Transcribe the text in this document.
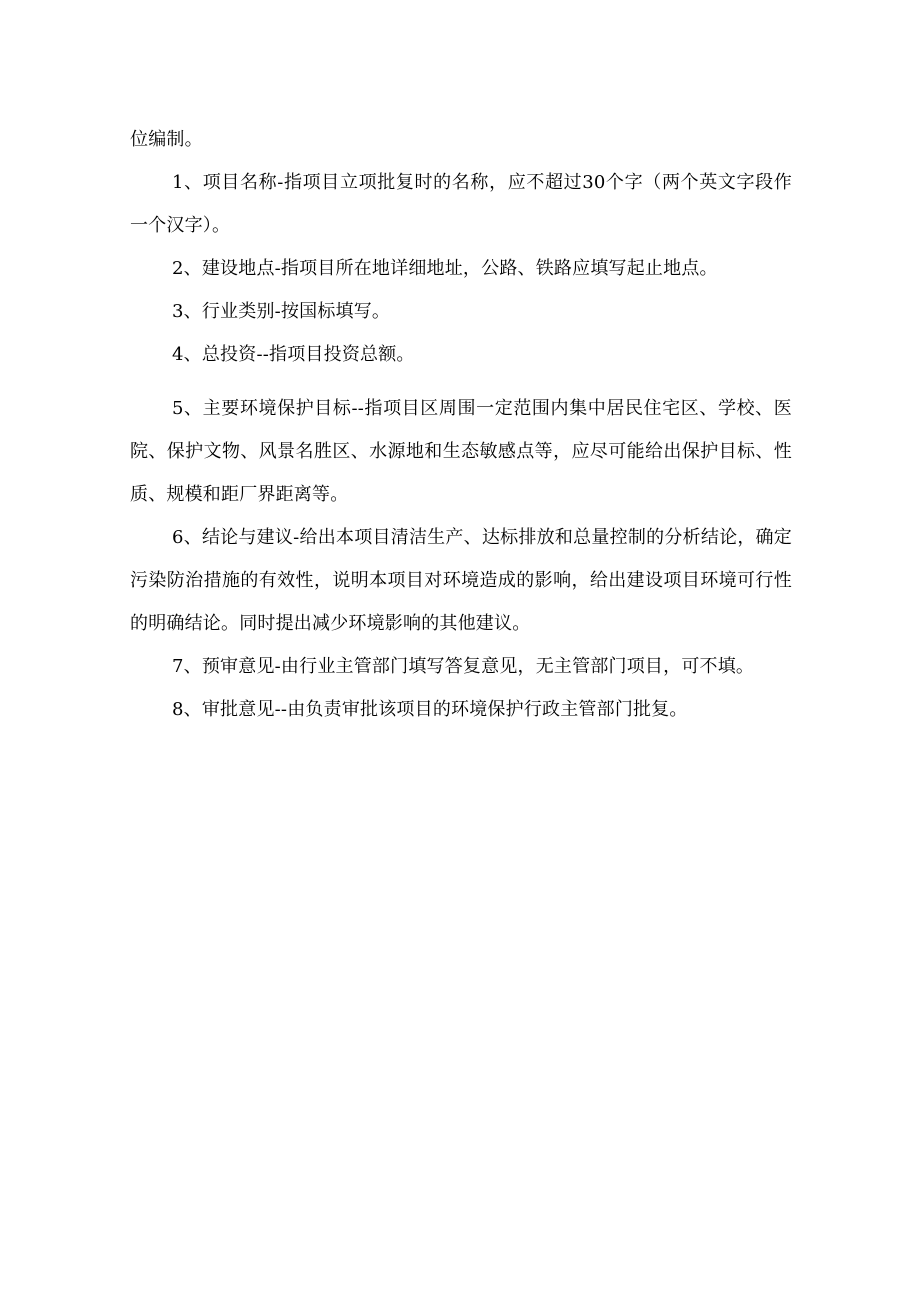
位编制。

1、项目名称-指项目立项批复时的名称，应不超过30个字（两个英文字段作一个汉字）。

2、建设地点-指项目所在地详细地址，公路、铁路应填写起止地点。

3、行业类别-按国标填写。

4、总投资--指项目投资总额。

5、主要环境保护目标--指项目区周围一定范围内集中居民住宅区、学校、医院、保护文物、风景名胜区、水源地和生态敏感点等，应尽可能给出保护目标、性质、规模和距厂界距离等。

6、结论与建议-给出本项目清洁生产、达标排放和总量控制的分析结论，确定污染防治措施的有效性，说明本项目对环境造成的影响，给出建设项目环境可行性的明确结论。同时提出减少环境影响的其他建议。

7、预审意见-由行业主管部门填写答复意见，无主管部门项目，可不填。

8、审批意见--由负责审批该项目的环境保护行政主管部门批复。
